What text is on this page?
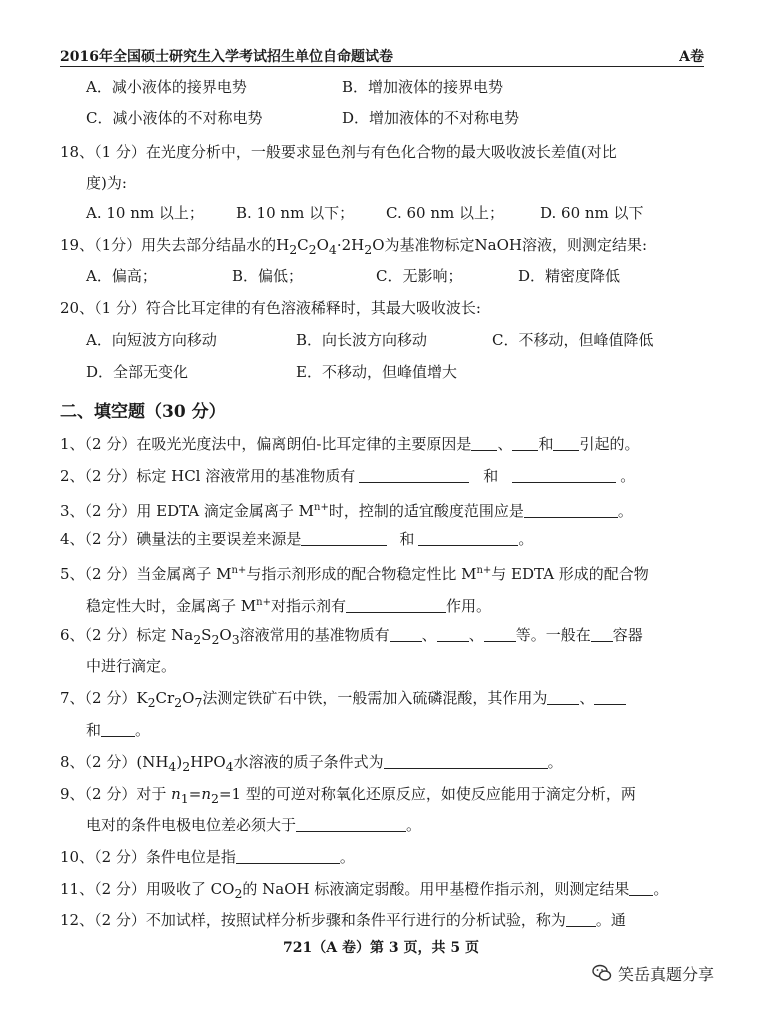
2016年全国硕士研究生入学考试招生单位自命题试卷	A卷
A．减小液体的接界电势	B．增加液体的接界电势
C．减小液体的不对称电势	D．增加液体的不对称电势
18、（1 分）在光度分析中，一般要求显色剂与有色化合物的最大吸收波长差值(对比
度)为:
A. 10 nm 以上； B. 10 nm 以下； C. 60 nm 以上； D. 60 nm 以下
19、（1分）用失去部分结晶水的$H_2C_2O_4\cdot 2H_2O$为基准物标定NaOH溶液，则测定结果:
A．偏高；	B．偏低；	C．无影响；	D．精密度降低
20、（1 分）符合比耳定律的有色溶液稀释时，其最大吸收波长:
A．向短波方向移动	B．向长波方向移动	C．不移动，但峰值降低
D．全部无变化	E．不移动，但峰值增大
二、填空题（30 分）
1、（2 分）在吸光光度法中，偏离朗伯-比耳定律的主要原因是 、 和 引起的。
2、（2 分）标定 HCl 溶液常用的基准物质有	和	。
3、（2 分）用 EDTA 滴定金属离子 $M^{n+}$时，控制的适宜酸度范围应是	。
4、（2 分）碘量法的主要误差来源是	和	。
5、（2 分）当金属离子 $M^{n+}$与指示剂形成的配合物稳定性比 $M^{n+}$与 EDTA 形成的配合物
稳定性大时，金属离子 $M^{n+}$对指示剂有	作用。
6、（2 分）标定 $Na_2S_2O_3$溶液常用的基准物质有 、 、 等。一般在 容器
中进行滴定。
7、（2 分）$K_2Cr_2O_7$法测定铁矿石中铁，一般需加入硫磷混酸，其作用为 、
和 。
8、（2 分）$(NH_4)_2HPO_4$水溶液的质子条件式为	。
9、（2 分）对于 $n_1=n_2=1$ 型的可逆对称氧化还原反应，如使反应能用于滴定分析，两
电对的条件电极电位差必须大于	。
10、（2 分）条件电位是指	。
11、（2 分）用吸收了 $CO_2$的 NaOH 标液滴定弱酸。用甲基橙作指示剂，则测定结果 。
12、（2 分）不加试样，按照试样分析步骤和条件平行进行的分析试验，称为 。通
721（A 卷）第 3 页，共 5 页
笑岳真题分享
